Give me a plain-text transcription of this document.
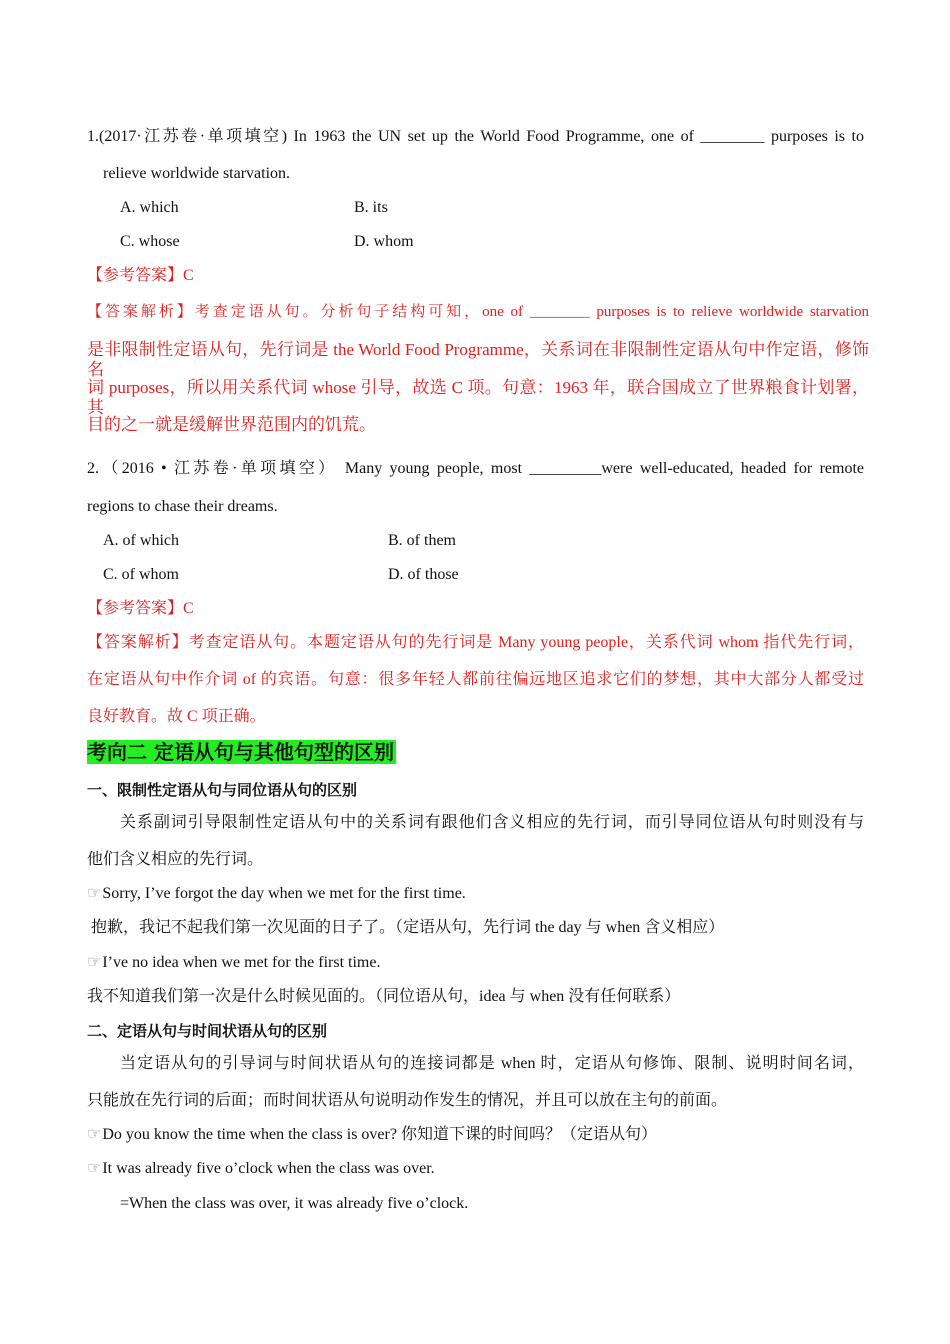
1.(2017·江苏卷·单项填空) In 1963 the UN set up the World Food Programme, one of ________ purposes is to
relieve worldwide starvation.
A. which	B. its
C. whose	D. whom
【参考答案】C
【答案解析】考查定语从句。分析句子结构可知，one of ________ purposes is to relieve worldwide starvation
是非限制性定语从句，先行词是 the World Food Programme，关系词在非限制性定语从句中作定语，修饰名
词 purposes，所以用关系代词 whose 引导，故选 C 项。句意：1963 年，联合国成立了世界粮食计划署，其
目的之一就是缓解世界范围内的饥荒。
2.（2016 • 江苏卷·单项填空） Many young people, most _________were well-educated, headed for remote
regions to chase their dreams.
A. of which	B. of them
C. of whom	D. of those
【参考答案】C
【答案解析】考查定语从句。本题定语从句的先行词是 Many young people，关系代词 whom 指代先行词，
在定语从句中作介词 of 的宾语。句意：很多年轻人都前往偏远地区追求它们的梦想，其中大部分人都受过
良好教育。故 C 项正确。
考向二 定语从句与其他句型的区别
一、限制性定语从句与同位语从句的区别
关系副词引导限制性定语从句中的关系词有跟他们含义相应的先行词，而引导同位语从句时则没有与
他们含义相应的先行词。
☞Sorry, I’ve forgot the day when we met for the first time.
抱歉，我记不起我们第一次见面的日子了。（定语从句，先行词 the day 与 when 含义相应）
☞I’ve no idea when we met for the first time.
我不知道我们第一次是什么时候见面的。（同位语从句，idea 与 when 没有任何联系）
二、定语从句与时间状语从句的区别
当定语从句的引导词与时间状语从句的连接词都是 when 时，定语从句修饰、限制、说明时间名词，
只能放在先行词的后面；而时间状语从句说明动作发生的情况，并且可以放在主句的前面。
☞Do you know the time when the class is over? 你知道下课的时间吗？（定语从句）
☞It was already five o’clock when the class was over.
=When the class was over, it was already five o’clock.
